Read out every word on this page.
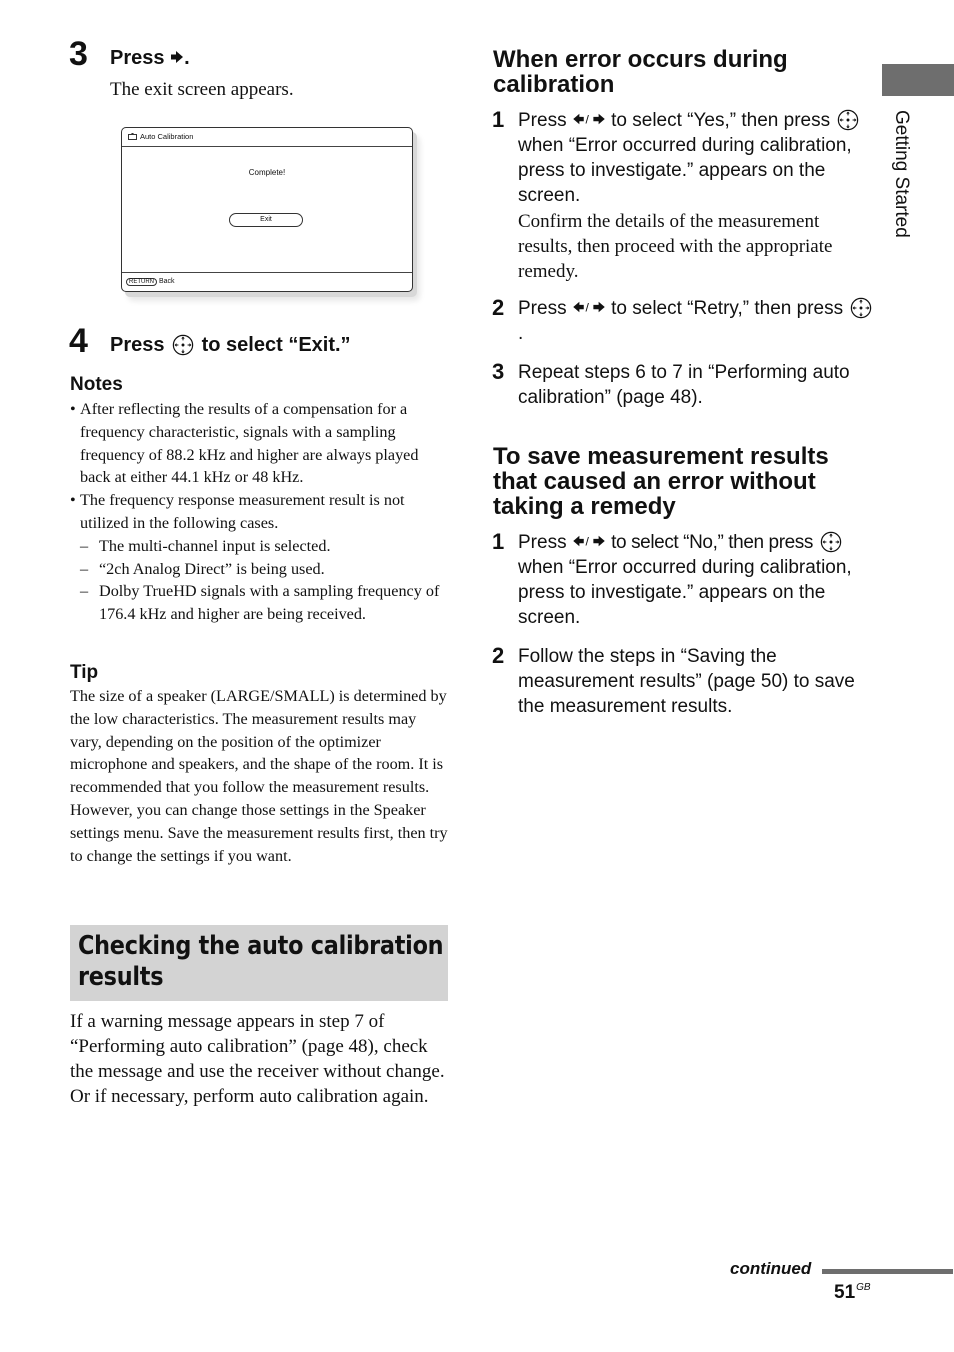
3 Press .
The exit screen appears.
Auto Calibration
Complete!
Exit
RETURN Back
4 Press to select “Exit.”
Notes
• After reflecting the results of a compensation for a frequency characteristic, signals with a sampling frequency of 88.2 kHz and higher are always played back at either 44.1 kHz or 48 kHz.
• The frequency response measurement result is not utilized in the following cases.
– The multi-channel input is selected.
– “2ch Analog Direct” is being used.
– Dolby TrueHD signals with a sampling frequency of 176.4 kHz and higher are being received.
Tip
The size of a speaker (LARGE/SMALL) is determined by the low characteristics. The measurement results may vary, depending on the position of the optimizer microphone and speakers, and the shape of the room. It is recommended that you follow the measurement results. However, you can change those settings in the Speaker settings menu. Save the measurement results first, then try to change the settings if you want.
Checking the auto calibration results
If a warning message appears in step 7 of “Performing auto calibration” (page 48), check the message and use the receiver without change. Or if necessary, perform auto calibration again.
When error occurs during calibration
1 Press to select “Yes,” then press  when “Error occurred during calibration, press to investigate.” appears on the screen.
Confirm the details of the measurement results, then proceed with the appropriate remedy.
2 Press to select “Retry,” then press .
3 Repeat steps 6 to 7 in “Performing auto calibration” (page 48).
To save measurement results that caused an error without taking a remedy
1 Press to select “No,” then press  when “Error occurred during calibration, press to investigate.” appears on the screen.
2 Follow the steps in “Saving the measurement results” (page 50) to save the measurement results.
Getting Started
continued
$51^{GB}$
